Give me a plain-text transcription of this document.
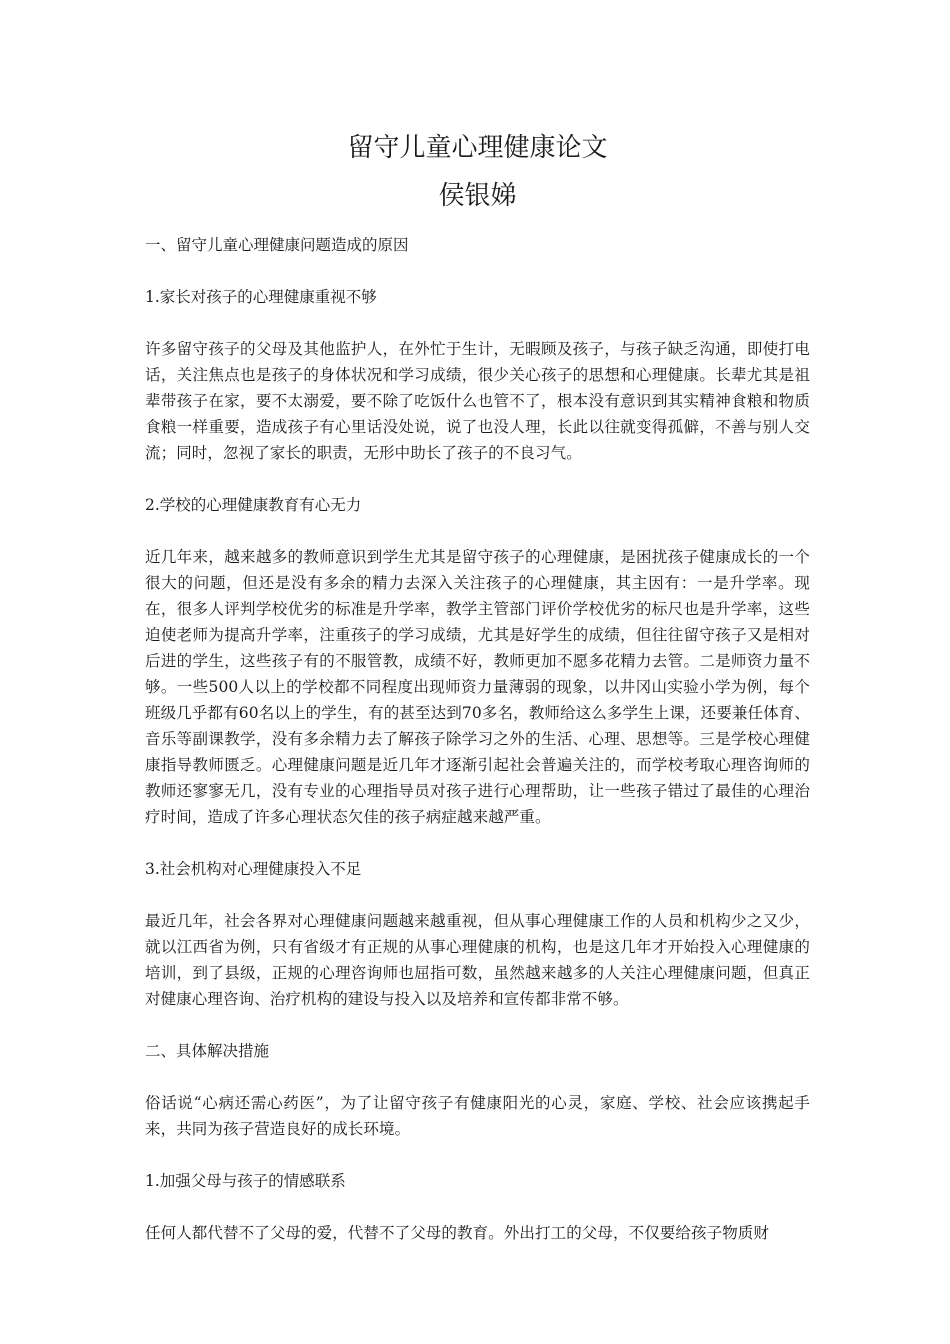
留守儿童心理健康论文
侯银娣

一、留守儿童心理健康问题造成的原因

1.家长对孩子的心理健康重视不够

许多留守孩子的父母及其他监护人，在外忙于生计，无暇顾及孩子，与孩子缺乏沟通，即使打电话，关注焦点也是孩子的身体状况和学习成绩，很少关心孩子的思想和心理健康。长辈尤其是祖辈带孩子在家，要不太溺爱，要不除了吃饭什么也管不了，根本没有意识到其实精神食粮和物质食粮一样重要，造成孩子有心里话没处说，说了也没人理，长此以往就变得孤僻，不善与别人交流；同时，忽视了家长的职责，无形中助长了孩子的不良习气。

2.学校的心理健康教育有心无力

近几年来，越来越多的教师意识到学生尤其是留守孩子的心理健康，是困扰孩子健康成长的一个很大的问题，但还是没有多余的精力去深入关注孩子的心理健康，其主因有：一是升学率。现在，很多人评判学校优劣的标准是升学率，教学主管部门评价学校优劣的标尺也是升学率，这些迫使老师为提高升学率，注重孩子的学习成绩，尤其是好学生的成绩，但往往留守孩子又是相对后进的学生，这些孩子有的不服管教，成绩不好，教师更加不愿多花精力去管。二是师资力量不够。一些500人以上的学校都不同程度出现师资力量薄弱的现象，以井冈山实验小学为例，每个班级几乎都有60名以上的学生，有的甚至达到70多名，教师给这么多学生上课，还要兼任体育、音乐等副课教学，没有多余精力去了解孩子除学习之外的生活、心理、思想等。三是学校心理健康指导教师匮乏。心理健康问题是近几年才逐渐引起社会普遍关注的，而学校考取心理咨询师的教师还寥寥无几，没有专业的心理指导员对孩子进行心理帮助，让一些孩子错过了最佳的心理治疗时间，造成了许多心理状态欠佳的孩子病症越来越严重。

3.社会机构对心理健康投入不足

最近几年，社会各界对心理健康问题越来越重视，但从事心理健康工作的人员和机构少之又少，就以江西省为例，只有省级才有正规的从事心理健康的机构，也是这几年才开始投入心理健康的培训，到了县级，正规的心理咨询师也屈指可数，虽然越来越多的人关注心理健康问题，但真正对健康心理咨询、治疗机构的建设与投入以及培养和宣传都非常不够。

二、具体解决措施

俗话说“心病还需心药医”，为了让留守孩子有健康阳光的心灵，家庭、学校、社会应该携起手来，共同为孩子营造良好的成长环境。

1.加强父母与孩子的情感联系

任何人都代替不了父母的爱，代替不了父母的教育。外出打工的父母，不仅要给孩子物质财
